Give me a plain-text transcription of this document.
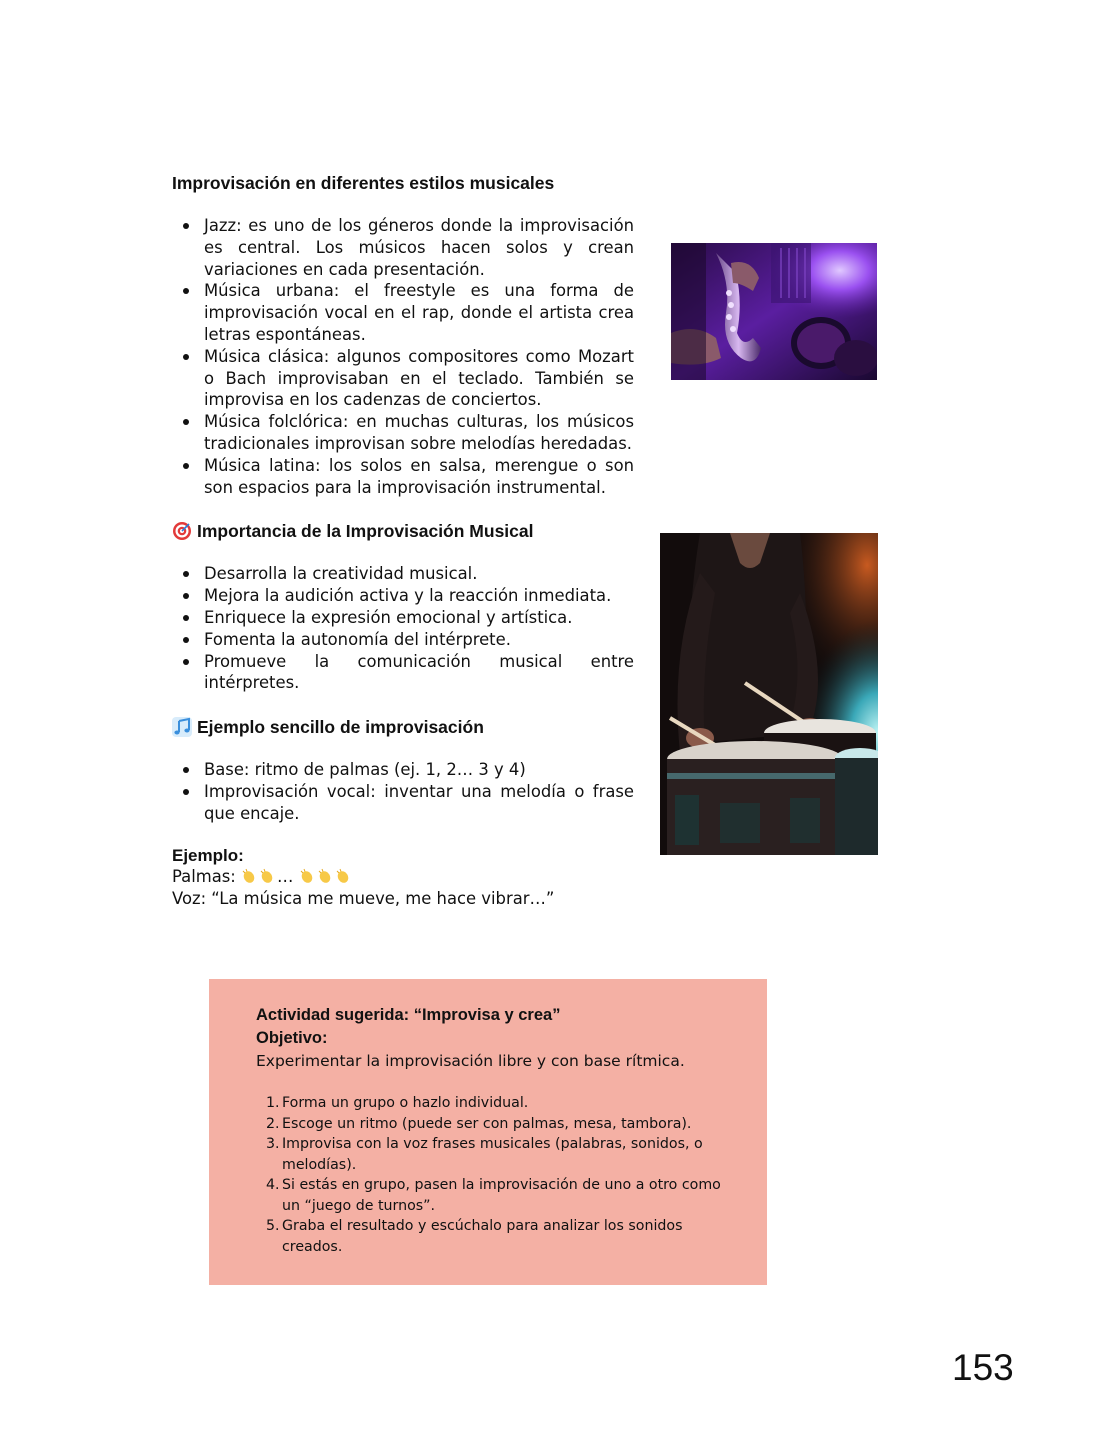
Improvisación en diferentes estilos musicales
Jazz: es uno de los géneros donde la improvisación es central. Los músicos hacen solos y crean variaciones en cada presentación.
Música urbana: el freestyle es una forma de improvisación vocal en el rap, donde el artista crea letras espontáneas.
Música clásica: algunos compositores como Mozart o Bach improvisaban en el teclado. También se improvisa en los cadenzas de conciertos.
Música folclórica: en muchas culturas, los músicos tradicionales improvisan sobre melodías heredadas.
Música latina: los solos en salsa, merengue o son son espacios para la improvisación instrumental.
Importancia de la Improvisación Musical
Desarrolla la creatividad musical.
Mejora la audición activa y la reacción inmediata.
Enriquece la expresión emocional y artística.
Fomenta la autonomía del intérprete.
Promueve la comunicación musical entre intérpretes.
Ejemplo sencillo de improvisación
Base: ritmo de palmas (ej. 1, 2… 3 y 4)
Improvisación vocal: inventar una melodía o frase que encaje.
Ejemplo:
Palmas:	…
Voz: “La música me mueve, me hace vibrar…”
Actividad sugerida: “Improvisa y crea”
Objetivo:
Experimentar la improvisación libre y con base rítmica.
1. Forma un grupo o hazlo individual.
2. Escoge un ritmo (puede ser con palmas, mesa, tambora).
3. Improvisa con la voz frases musicales (palabras, sonidos, o melodías).
4. Si estás en grupo, pasen la improvisación de uno a otro como un “juego de turnos”.
5. Graba el resultado y escúchalo para analizar los sonidos creados.
153
